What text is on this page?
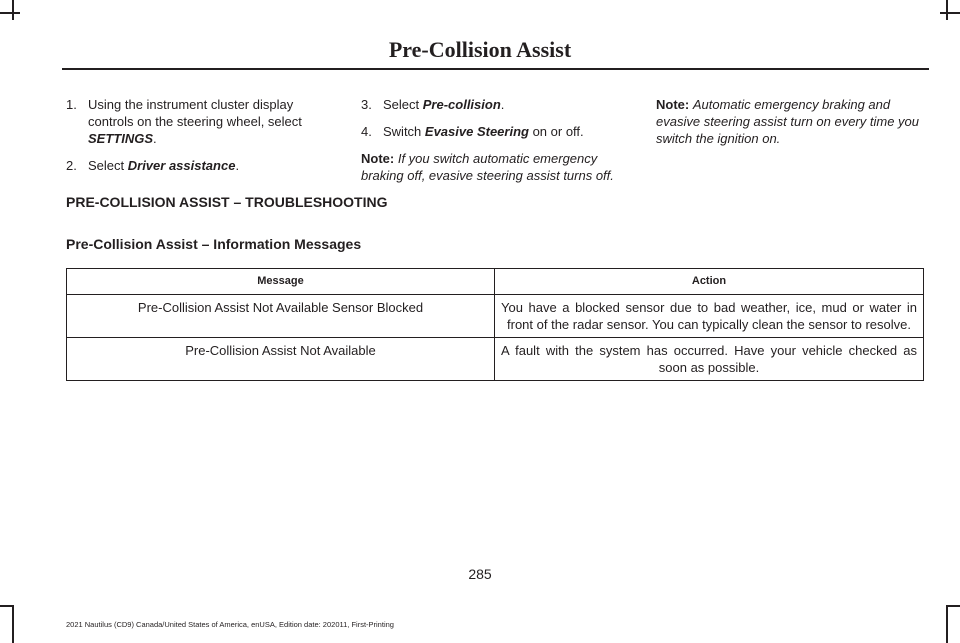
Pre-Collision Assist
1. Using the instrument cluster display controls on the steering wheel, select SETTINGS.
2. Select Driver assistance.
3. Select Pre-collision.
4. Switch Evasive Steering on or off.

Note: If you switch automatic emergency braking off, evasive steering assist turns off.

Note: Automatic emergency braking and evasive steering assist turn on every time you switch the ignition on.

PRE-COLLISION ASSIST – TROUBLESHOOTING
Pre-Collision Assist – Information Messages
Message	Action
Pre-Collision Assist Not Available Sensor Blocked	You have a blocked sensor due to bad weather, ice, mud or water in front of the radar sensor. You can typically clean the sensor to resolve.
Pre-Collision Assist Not Available	A fault with the system has occurred. Have your vehicle checked as soon as possible.
285
2021 Nautilus (CD9) Canada/United States of America, enUSA, Edition date: 202011, First-Printing
